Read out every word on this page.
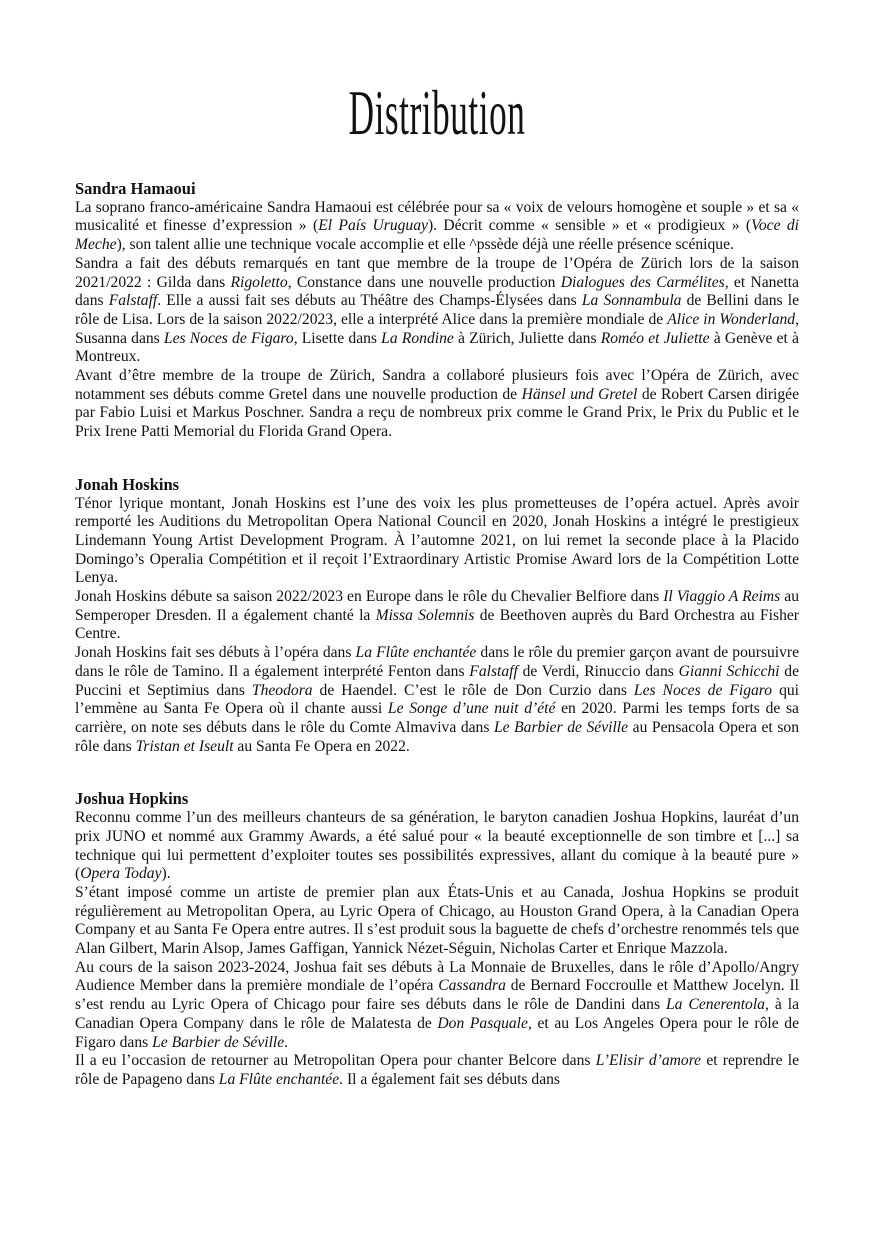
Distribution
Sandra Hamaoui

La soprano franco-américaine Sandra Hamaoui est célébrée pour sa « voix de velours homogène et souple » et sa « musicalité et finesse d’expression » (El País Uruguay). Décrit comme « sensible » et « prodigieux » (Voce di Meche), son talent allie une technique vocale accomplie et elle ^pssède déjà une réelle présence scénique.

Sandra a fait des débuts remarqués en tant que membre de la troupe de l’Opéra de Zürich lors de la saison 2021/2022 : Gilda dans Rigoletto, Constance dans une nouvelle production Dialogues des Carmélites, et Nanetta dans Falstaff. Elle a aussi fait ses débuts au Théâtre des Champs-Élysées dans La Sonnambula de Bellini dans le rôle de Lisa. Lors de la saison 2022/2023, elle a interprété Alice dans la première mondiale de Alice in Wonderland, Susanna dans Les Noces de Figaro, Lisette dans La Rondine à Zürich, Juliette dans Roméo et Juliette à Genève et à Montreux.

Avant d’être membre de la troupe de Zürich, Sandra a collaboré plusieurs fois avec l’Opéra de Zürich, avec notamment ses débuts comme Gretel dans une nouvelle production de Hänsel und Gretel de Robert Carsen dirigée par Fabio Luisi et Markus Poschner. Sandra a reçu de nombreux prix comme le Grand Prix, le Prix du Public et le Prix Irene Patti Memorial du Florida Grand Opera.

Jonah Hoskins

Ténor lyrique montant, Jonah Hoskins est l’une des voix les plus prometteuses de l’opéra actuel. Après avoir remporté les Auditions du Metropolitan Opera National Council en 2020, Jonah Hoskins a intégré le prestigieux Lindemann Young Artist Development Program. À l’automne 2021, on lui remet la seconde place à la Placido Domingo’s Operalia Compétition et il reçoit l’Extraordinary Artistic Promise Award lors de la Compétition Lotte Lenya.

Jonah Hoskins débute sa saison 2022/2023 en Europe dans le rôle du Chevalier Belfiore dans Il Viaggio A Reims au Semperoper Dresden. Il a également chanté la Missa Solemnis de Beethoven auprès du Bard Orchestra au Fisher Centre.

Jonah Hoskins fait ses débuts à l’opéra dans La Flûte enchantée dans le rôle du premier garçon avant de poursuivre dans le rôle de Tamino. Il a également interprété Fenton dans Falstaff de Verdi, Rinuccio dans Gianni Schicchi de Puccini et Septimius dans Theodora de Haendel. C’est le rôle de Don Curzio dans Les Noces de Figaro qui l’emmène au Santa Fe Opera où il chante aussi Le Songe d’une nuit d’été en 2020. Parmi les temps forts de sa carrière, on note ses débuts dans le rôle du Comte Almaviva dans Le Barbier de Séville au Pensacola Opera et son rôle dans Tristan et Iseult au Santa Fe Opera en 2022.

Joshua Hopkins

Reconnu comme l’un des meilleurs chanteurs de sa génération, le baryton canadien Joshua Hopkins, lauréat d’un prix JUNO et nommé aux Grammy Awards, a été salué pour « la beauté exceptionnelle de son timbre et [...] sa technique qui lui permettent d’exploiter toutes ses possibilités expressives, allant du comique à la beauté pure » (Opera Today).

S’étant imposé comme un artiste de premier plan aux États-Unis et au Canada, Joshua Hopkins se produit régulièrement au Metropolitan Opera, au Lyric Opera of Chicago, au Houston Grand Opera, à la Canadian Opera Company et au Santa Fe Opera entre autres. Il s’est produit sous la baguette de chefs d’orchestre renommés tels que Alan Gilbert, Marin Alsop, James Gaffigan, Yannick Nézet-Séguin, Nicholas Carter et Enrique Mazzola.

Au cours de la saison 2023-2024, Joshua fait ses débuts à La Monnaie de Bruxelles, dans le rôle d’Apollo/Angry Audience Member dans la première mondiale de l’opéra Cassandra de Bernard Foccroulle et Matthew Jocelyn. Il s’est rendu au Lyric Opera of Chicago pour faire ses débuts dans le rôle de Dandini dans La Cenerentola, à la Canadian Opera Company dans le rôle de Malatesta de Don Pasquale, et au Los Angeles Opera pour le rôle de Figaro dans Le Barbier de Séville.

Il a eu l’occasion de retourner au Metropolitan Opera pour chanter Belcore dans L’Elisir d’amore et reprendre le rôle de Papageno dans La Flûte enchantée. Il a également fait ses débuts dans
